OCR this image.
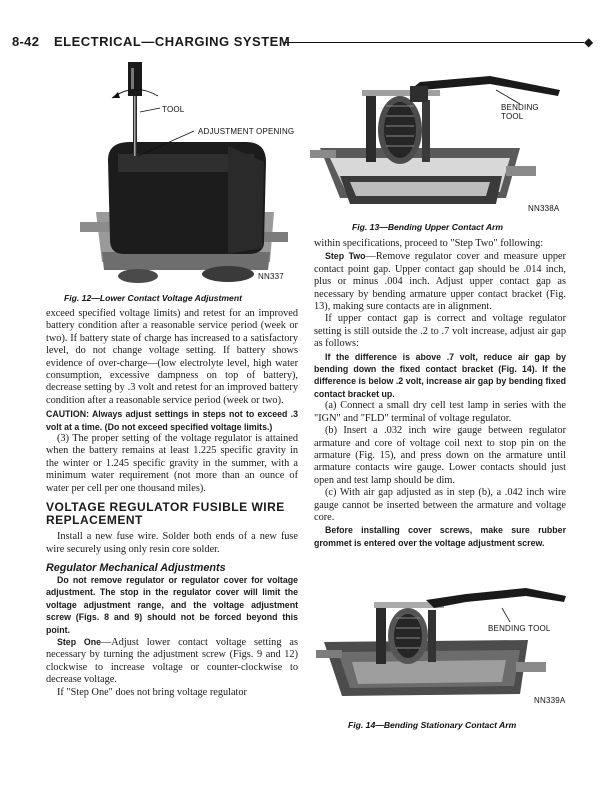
8-42 ELECTRICAL—CHARGING SYSTEM	◆
TOOL
ADJUSTMENT OPENING
NN337
Fig. 12—Lower Contact Voltage Adjustment
BENDING
TOOL
NN338A
Fig. 13—Bending Upper Contact Arm
BENDING TOOL
NN339A
Fig. 14—Bending Stationary Contact Arm

exceed specified voltage limits) and retest for an improved battery condition after a reasonable service period (week or two). If battery state of charge has increased to a satisfactory level, do not change voltage setting. If battery shows evidence of over-charge—(low electrolyte level, high water consumption, excessive dampness on top of battery), decrease setting by .3 volt and retest for an improved battery condition after a reasonable service period (week or two).

CAUTION: Always adjust settings in steps not to exceed .3 volt at a time. (Do not exceed specified voltage limits.)

(3) The proper setting of the voltage regulator is attained when the battery remains at least 1.225 specific gravity in the winter or 1.245 specific gravity in the summer, with a minimum water requirement (not more than an ounce of water per cell per one thousand miles).

VOLTAGE REGULATOR FUSIBLE WIRE REPLACEMENT

Install a new fuse wire. Solder both ends of a new fuse wire securely using only resin core solder.

Regulator Mechanical Adjustments

Do not remove regulator or regulator cover for voltage adjustment. The stop in the regulator cover will limit the voltage adjustment range, and the voltage adjustment screw (Figs. 8 and 9) should not be forced beyond this point.

Step One—Adjust lower contact voltage setting as necessary by turning the adjustment screw (Figs. 9 and 12) clockwise to increase voltage or counter-clockwise to decrease voltage.

If "Step One" does not bring voltage regulator

within specifications, proceed to "Step Two" following:

Step Two—Remove regulator cover and measure upper contact point gap. Upper contact gap should be .014 inch, plus or minus .004 inch. Adjust upper contact gap as necessary by bending armature upper contact bracket (Fig. 13), making sure contacts are in alignment.

If upper contact gap is correct and voltage regulator setting is still outside the .2 to .7 volt increase, adjust air gap as follows:

If the difference is above .7 volt, reduce air gap by bending down the fixed contact bracket (Fig. 14). If the difference is below .2 volt, increase air gap by bending fixed contact bracket up.

(a) Connect a small dry cell test lamp in series with the "IGN" and "FLD" terminal of voltage regulator.

(b) Insert a .032 inch wire gauge between regulator armature and core of voltage coil next to stop pin on the armature (Fig. 15), and press down on the armature until armature contacts wire gauge. Lower contacts should just open and test lamp should be dim.

(c) With air gap adjusted as in step (b), a .042 inch wire gauge cannot be inserted between the armature and voltage core.

Before installing cover screws, make sure rubber grommet is entered over the voltage adjustment screw.
